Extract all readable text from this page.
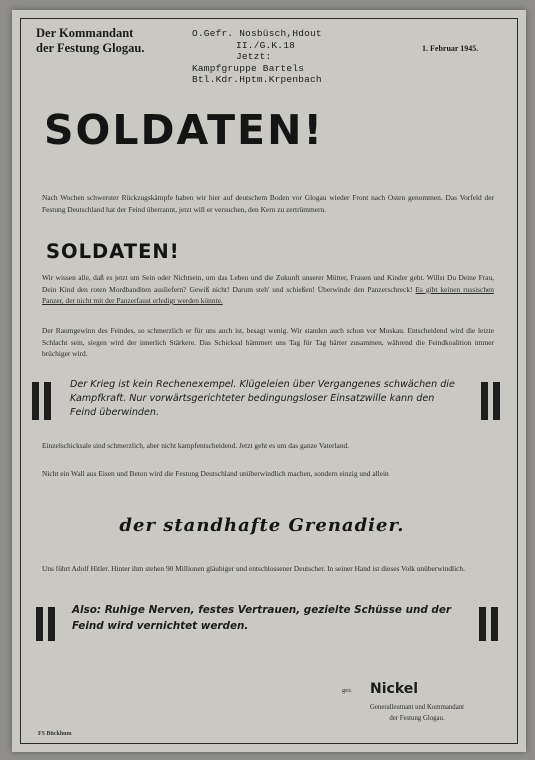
Der Kommandant
der Festung Glogau.
O.Gefr. Nosbüsch,Hdout
II./G.K.18
Jetzt:
Kampfgruppe Bartels
Btl.Kdr.Hptm.Krpenbach
1. Februar 1945.
SOLDATEN!
Nach Wochen schwerster Rückzugskämpfe haben wir hier auf deutschem Boden vor Glogau wieder Front nach Osten genommen. Das Vorfeld der Festung Deutschland hat der Feind überrannt, jetzt will er versuchen, den Kern zu zertrümmern.
SOLDATEN!
Wir wissen alle, daß es jetzt um Sein oder Nichtsein, um das Leben und die Zukunft unserer Mütter, Frauen und Kinder geht. Willst Du Deine Frau, Dein Kind den roten Mordbanditen ausliefern? Gewiß nicht! Darum steh' und schießen! Überwinde den Panzerschreck! Es gibt keinen russischen Panzer, der nicht mit der Panzerfaust erledigt werden könnte.
Der Raumgewinn des Feindes, so schmerzlich er für uns auch ist, besagt wenig. Wir standen auch schon vor Moskau. Entscheidend wird die letzte Schlacht sein, siegen wird der innerlich Stärkere. Das Schicksal hämmert uns Tag für Tag härter zusammen, während die Feindkoalition immer brüchiger wird.
Der Krieg ist kein Rechenexempel. Klügeleien über Vergangenes schwächen die Kampfkraft. Nur vorwärtsgerichteter bedingungsloser Einsatzwille kann den Feind überwinden.
Einzelschicksale sind schmerzlich, aber nicht kampfentscheidend. Jetzt geht es um das ganze Vaterland.
Nicht ein Wall aus Eisen und Beton wird die Festung Deutschland unüberwindlich machen, sondern einzig und allein
der standhafte Grenadier.
Uns führt Adolf Hitler. Hinter ihm stehen 90 Millionen gläubiger und entschlossener Deutscher. In seiner Hand ist dieses Volk unüberwindlich.
Also: Ruhige Nerven, festes Vertrauen, gezielte Schüsse und der Feind wird vernichtet werden.
gez. Nickel
Generalleutnant und Kommandant
der Festung Glogau.
FS Bückhum
